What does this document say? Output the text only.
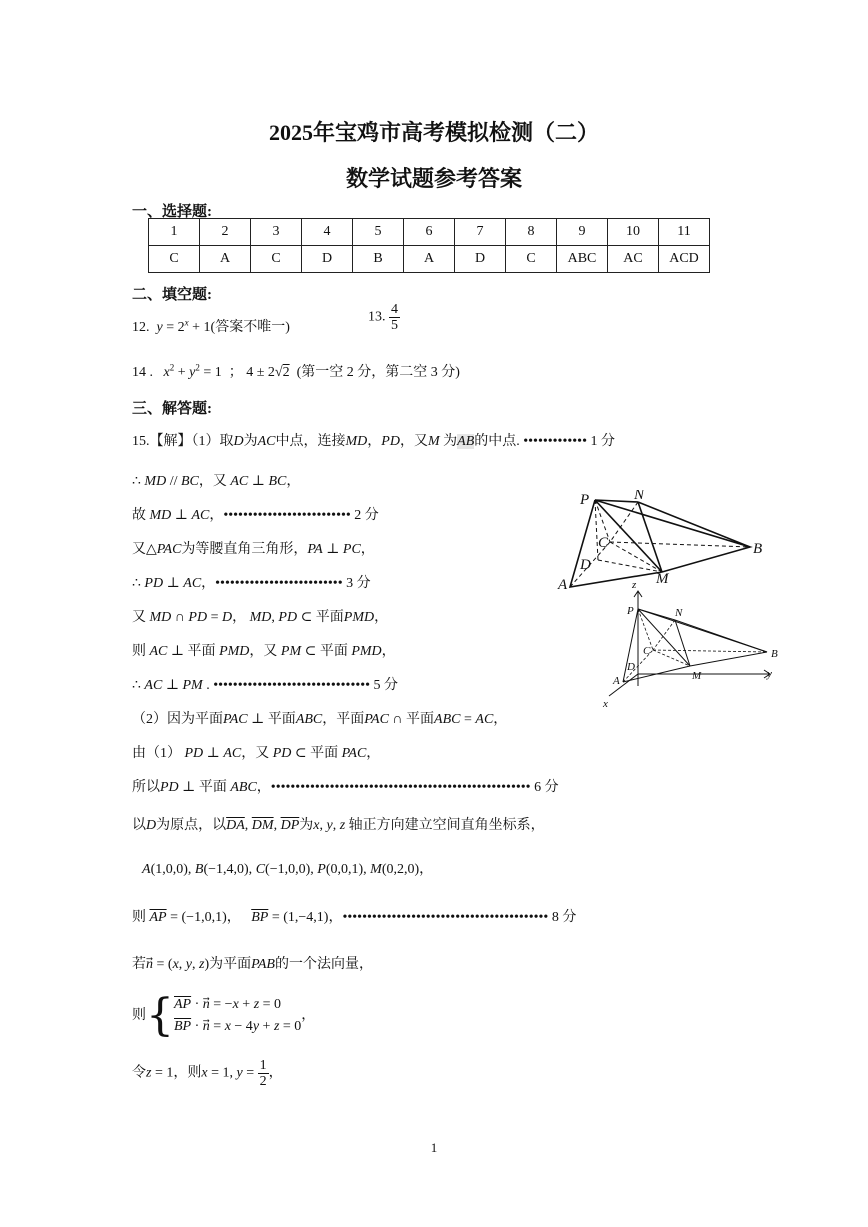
2025年宝鸡市高考模拟检测（二）
数学试题参考答案
一、选择题:
1	2	3	4	5	6	7	8	9	10	11
C	A	C	D	B	A	D	C	ABC	AC	ACD
二、填空题:
12.  $y = 2^x + 1$(答案不唯一)
13. $\frac{4}{5}$
14 . $x^2 + y^2 = 1$  ； 4 ± 2√2 (第一空 2 分，第二空 3 分)
三、解答题:
15.【解】（1）取D为AC中点，连接MD，PD，又M 为AB的中点. ••••••••••••• 1 分
∴ MD // BC，又 AC ⊥ BC，
故 MD ⊥ AC，•••••••••••••••••••••••••• 2 分
又△PAC为等腰直角三角形，PA ⊥ PC，
∴ PD ⊥ AC，•••••••••••••••••••••••••• 3 分
又 MD ∩ PD = D， MD, PD ⊂ 平面PMD，
则 AC ⊥ 平面 PMD，又 PM ⊂ 平面 PMD，
∴ AC ⊥ PM . •••••••••••••••••••••••••••••••• 5 分
（2）因为平面PAC ⊥ 平面ABC，平面PAC ∩ 平面ABC = AC，
由（1） PD ⊥ AC，又 PD ⊂ 平面 PAC，
所以PD ⊥ 平面 ABC，••••••••••••••••••••••••••••••••••••••••••••••••••••• 6 分
以D为原点，以$\overline{DA}$, $\overline{DM}$, $\overline{DP}$为x, y, z 轴正方向建立空间直角坐标系，
A(1,0,0), B(−1,4,0), C(−1,0,0), P(0,0,1), M(0,2,0)，
则 $\overline{AP} = (-1,0,1)$，   $\overline{BP} = (1,-4,1)$，•••••••••••••••••••••••••••••••••••••••••• 8 分
若n⃗ = (x, y, z)为平面PAB的一个法向量，
则{ $\overline{AP}$ · n⃗ = −x + z = 0
$\overline{BP}$ · n⃗ = x − 4y + z = 0
，
令z = 1，则x = 1, $y = \frac{1}{2}$ ，
P	N
C
D
A	M
B
z
P	N
C
D
A	M
B
y
x
1
